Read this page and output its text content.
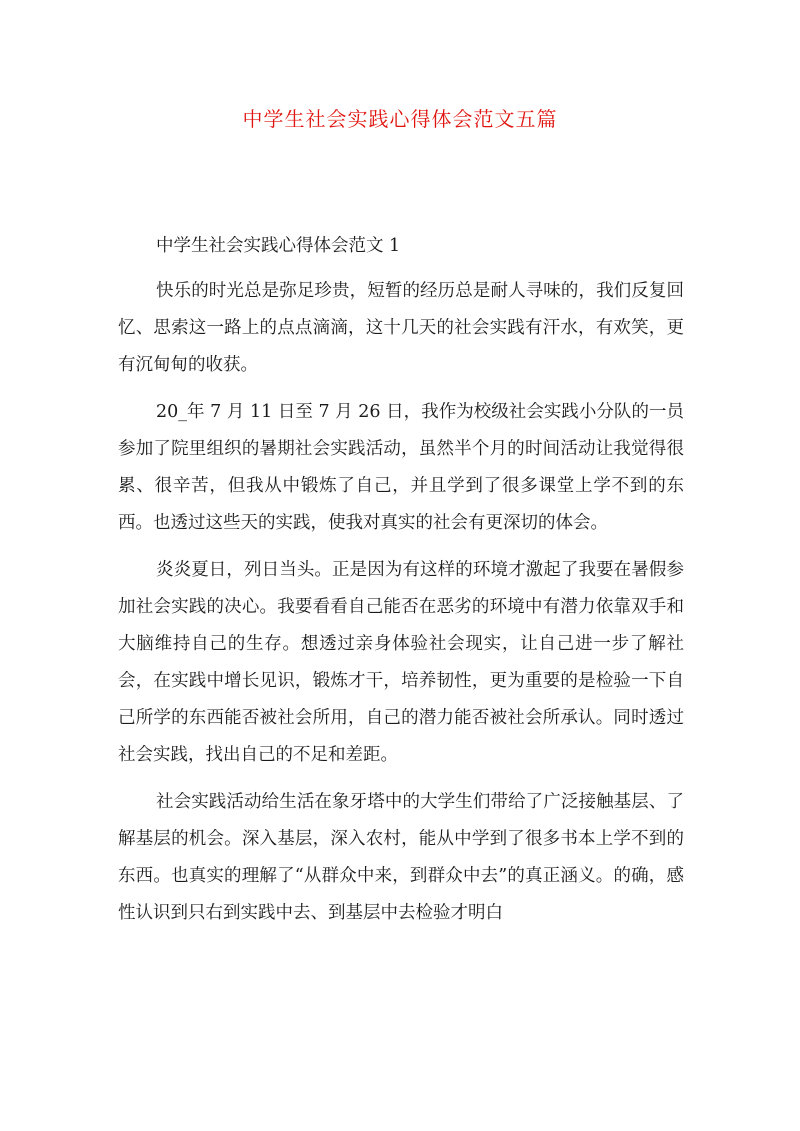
中学生社会实践心得体会范文五篇

中学生社会实践心得体会范文 1

快乐的时光总是弥足珍贵，短暂的经历总是耐人寻味的，我们反复回忆、思索这一路上的点点滴滴，这十几天的社会实践有汗水，有欢笑，更有沉甸甸的收获。

20_年 7 月 11 日至 7 月 26 日，我作为校级社会实践小分队的一员参加了院里组织的暑期社会实践活动，虽然半个月的时间活动让我觉得很累、很辛苦，但我从中锻炼了自己，并且学到了很多课堂上学不到的东西。也透过这些天的实践，使我对真实的社会有更深切的体会。

炎炎夏日，列日当头。正是因为有这样的环境才激起了我要在暑假参加社会实践的决心。我要看看自己能否在恶劣的环境中有潜力依靠双手和大脑维持自己的生存。想透过亲身体验社会现实，让自己进一步了解社会，在实践中增长见识，锻炼才干，培养韧性，更为重要的是检验一下自己所学的东西能否被社会所用，自己的潜力能否被社会所承认。同时透过社会实践，找出自己的不足和差距。

社会实践活动给生活在象牙塔中的大学生们带给了广泛接触基层、了解基层的机会。深入基层，深入农村，能从中学到了很多书本上学不到的东西。也真实的理解了“从群众中来，到群众中去”的真正涵义。的确，感性认识到只右到实践中去、到基层中去检验才明白
